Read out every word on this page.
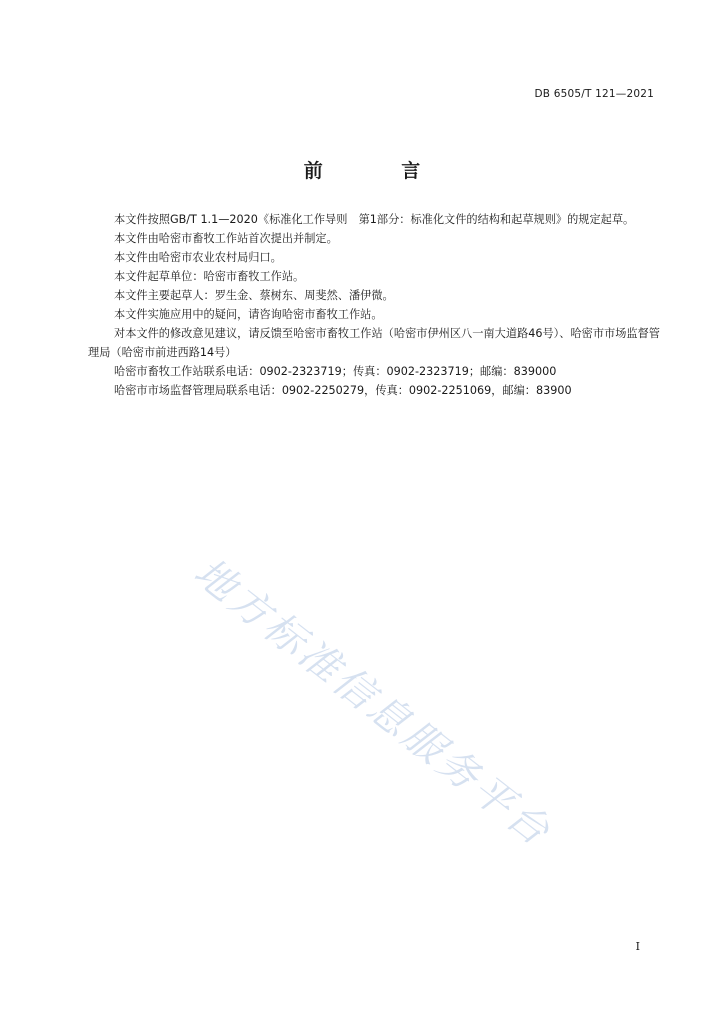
DB 6505/T 121—2021
前 言

本文件按照GB/T 1.1—2020《标准化工作导则　第1部分：标准化文件的结构和起草规则》的规定起草。

本文件由哈密市畜牧工作站首次提出并制定。

本文件由哈密市农业农村局归口。

本文件起草单位：哈密市畜牧工作站。

本文件主要起草人：罗生金、蔡树东、周斐然、潘伊微。

本文件实施应用中的疑问，请咨询哈密市畜牧工作站。

对本文件的修改意见建议，请反馈至哈密市畜牧工作站（哈密市伊州区八一南大道路46号）、哈密市市场监督管理局（哈密市前进西路14号）

哈密市畜牧工作站联系电话：0902-2323719；传真：0902-2323719；邮编：839000

哈密市市场监督管理局联系电话：0902-2250279，传真：0902-2251069，邮编：83900

地方标准信息服务平台
I
